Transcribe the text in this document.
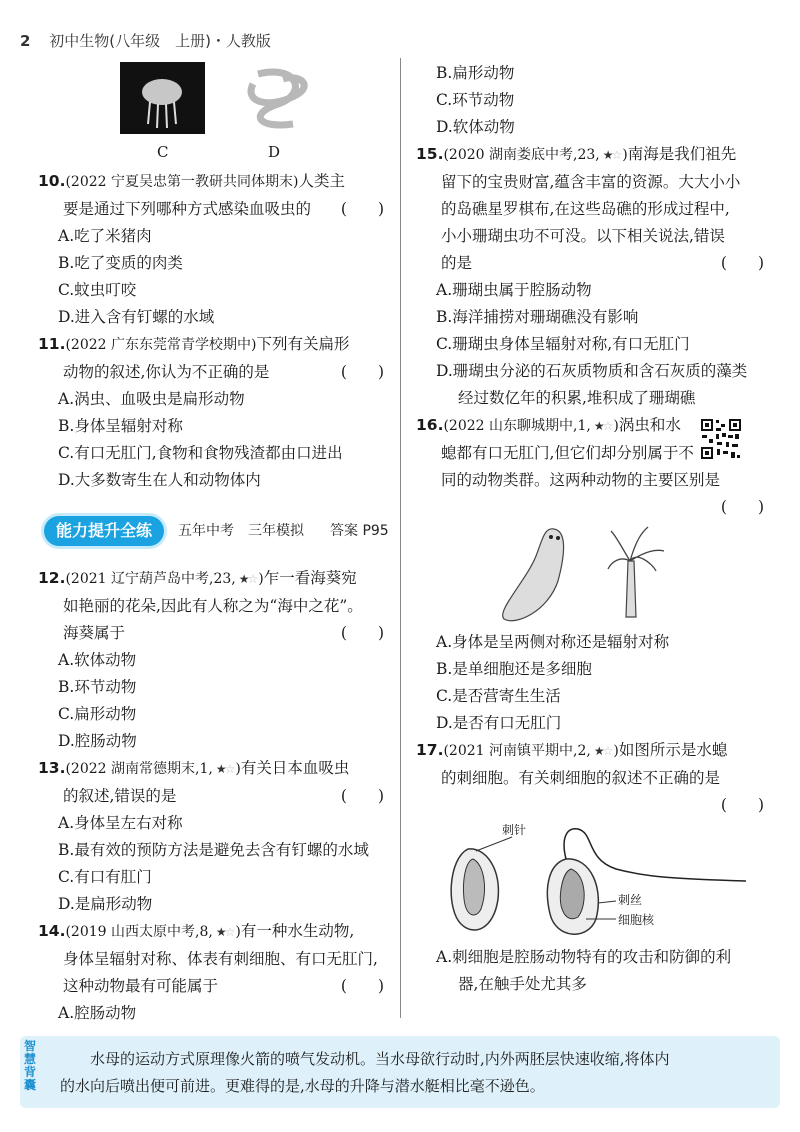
2 初中生物(八年级　上册)・人教版
C	D

10.(2022 宁夏吴忠第一教研共同体期末)人类主

要是通过下列哪种方式感染血吸虫的 (　　)

A.吃了米猪肉

B.吃了变质的肉类

C.蚊虫叮咬

D.进入含有钉螺的水域

11.(2022 广东东莞常青学校期中)下列有关扁形

动物的叙述,你认为不正确的是	(　　)

A.涡虫、血吸虫是扁形动物

B.身体呈辐射对称

C.有口无肛门,食物和食物残渣都由口进出

D.大多数寄生在人和动物体内

能力提升全练	五年中考　三年模拟 答案 P95

12.(2021 辽宁葫芦岛中考,23, ★☆ )乍一看海葵宛

如艳丽的花朵,因此有人称之为“海中之花”。

海葵属于	(　　)

A.软体动物

B.环节动物

C.扁形动物

D.腔肠动物

13.(2022 湖南常德期末,1, ★☆ )有关日本血吸虫

的叙述,错误的是	(　　)

A.身体呈左右对称

B.最有效的预防方法是避免去含有钉螺的水域

C.有口有肛门

D.是扁形动物

14.(2019 山西太原中考,8, ★☆ )有一种水生动物,

身体呈辐射对称、体表有刺细胞、有口无肛门,

这种动物最有可能属于	(　　)

A.腔肠动物

B.扁形动物

C.环节动物

D.软体动物

15.(2020 湖南娄底中考,23, ★☆ )南海是我们祖先

留下的宝贵财富,蕴含丰富的资源。大大小小

的岛礁星罗棋布,在这些岛礁的形成过程中,

小小珊瑚虫功不可没。以下相关说法,错误

的是	(　　)

A.珊瑚虫属于腔肠动物

B.海洋捕捞对珊瑚礁没有影响

C.珊瑚虫身体呈辐射对称,有口无肛门

D.珊瑚虫分泌的石灰质物质和含石灰质的藻类

经过数亿年的积累,堆积成了珊瑚礁

16.(2022 山东聊城期中,1, ★☆ )涡虫和水

螅都有口无肛门,但它们却分别属于不

同的动物类群。这两种动物的主要区别是

(　　)

A.身体是呈两侧对称还是辐射对称

B.是单细胞还是多细胞

C.是否营寄生生活

D.是否有口无肛门

17.(2021 河南镇平期中,2, ★☆ )如图所示是水螅

的刺细胞。有关刺细胞的叙述不正确的是

(　　)

刺针
刺丝
细胞核

A.刺细胞是腔肠动物特有的攻击和防御的利

器,在触手处尤其多

智慧背囊

水母的运动方式原理像火箭的喷气发动机。当水母欲行动时,内外两胚层快速收缩,将体内

的水向后喷出便可前进。更难得的是,水母的升降与潜水艇相比毫不逊色。
